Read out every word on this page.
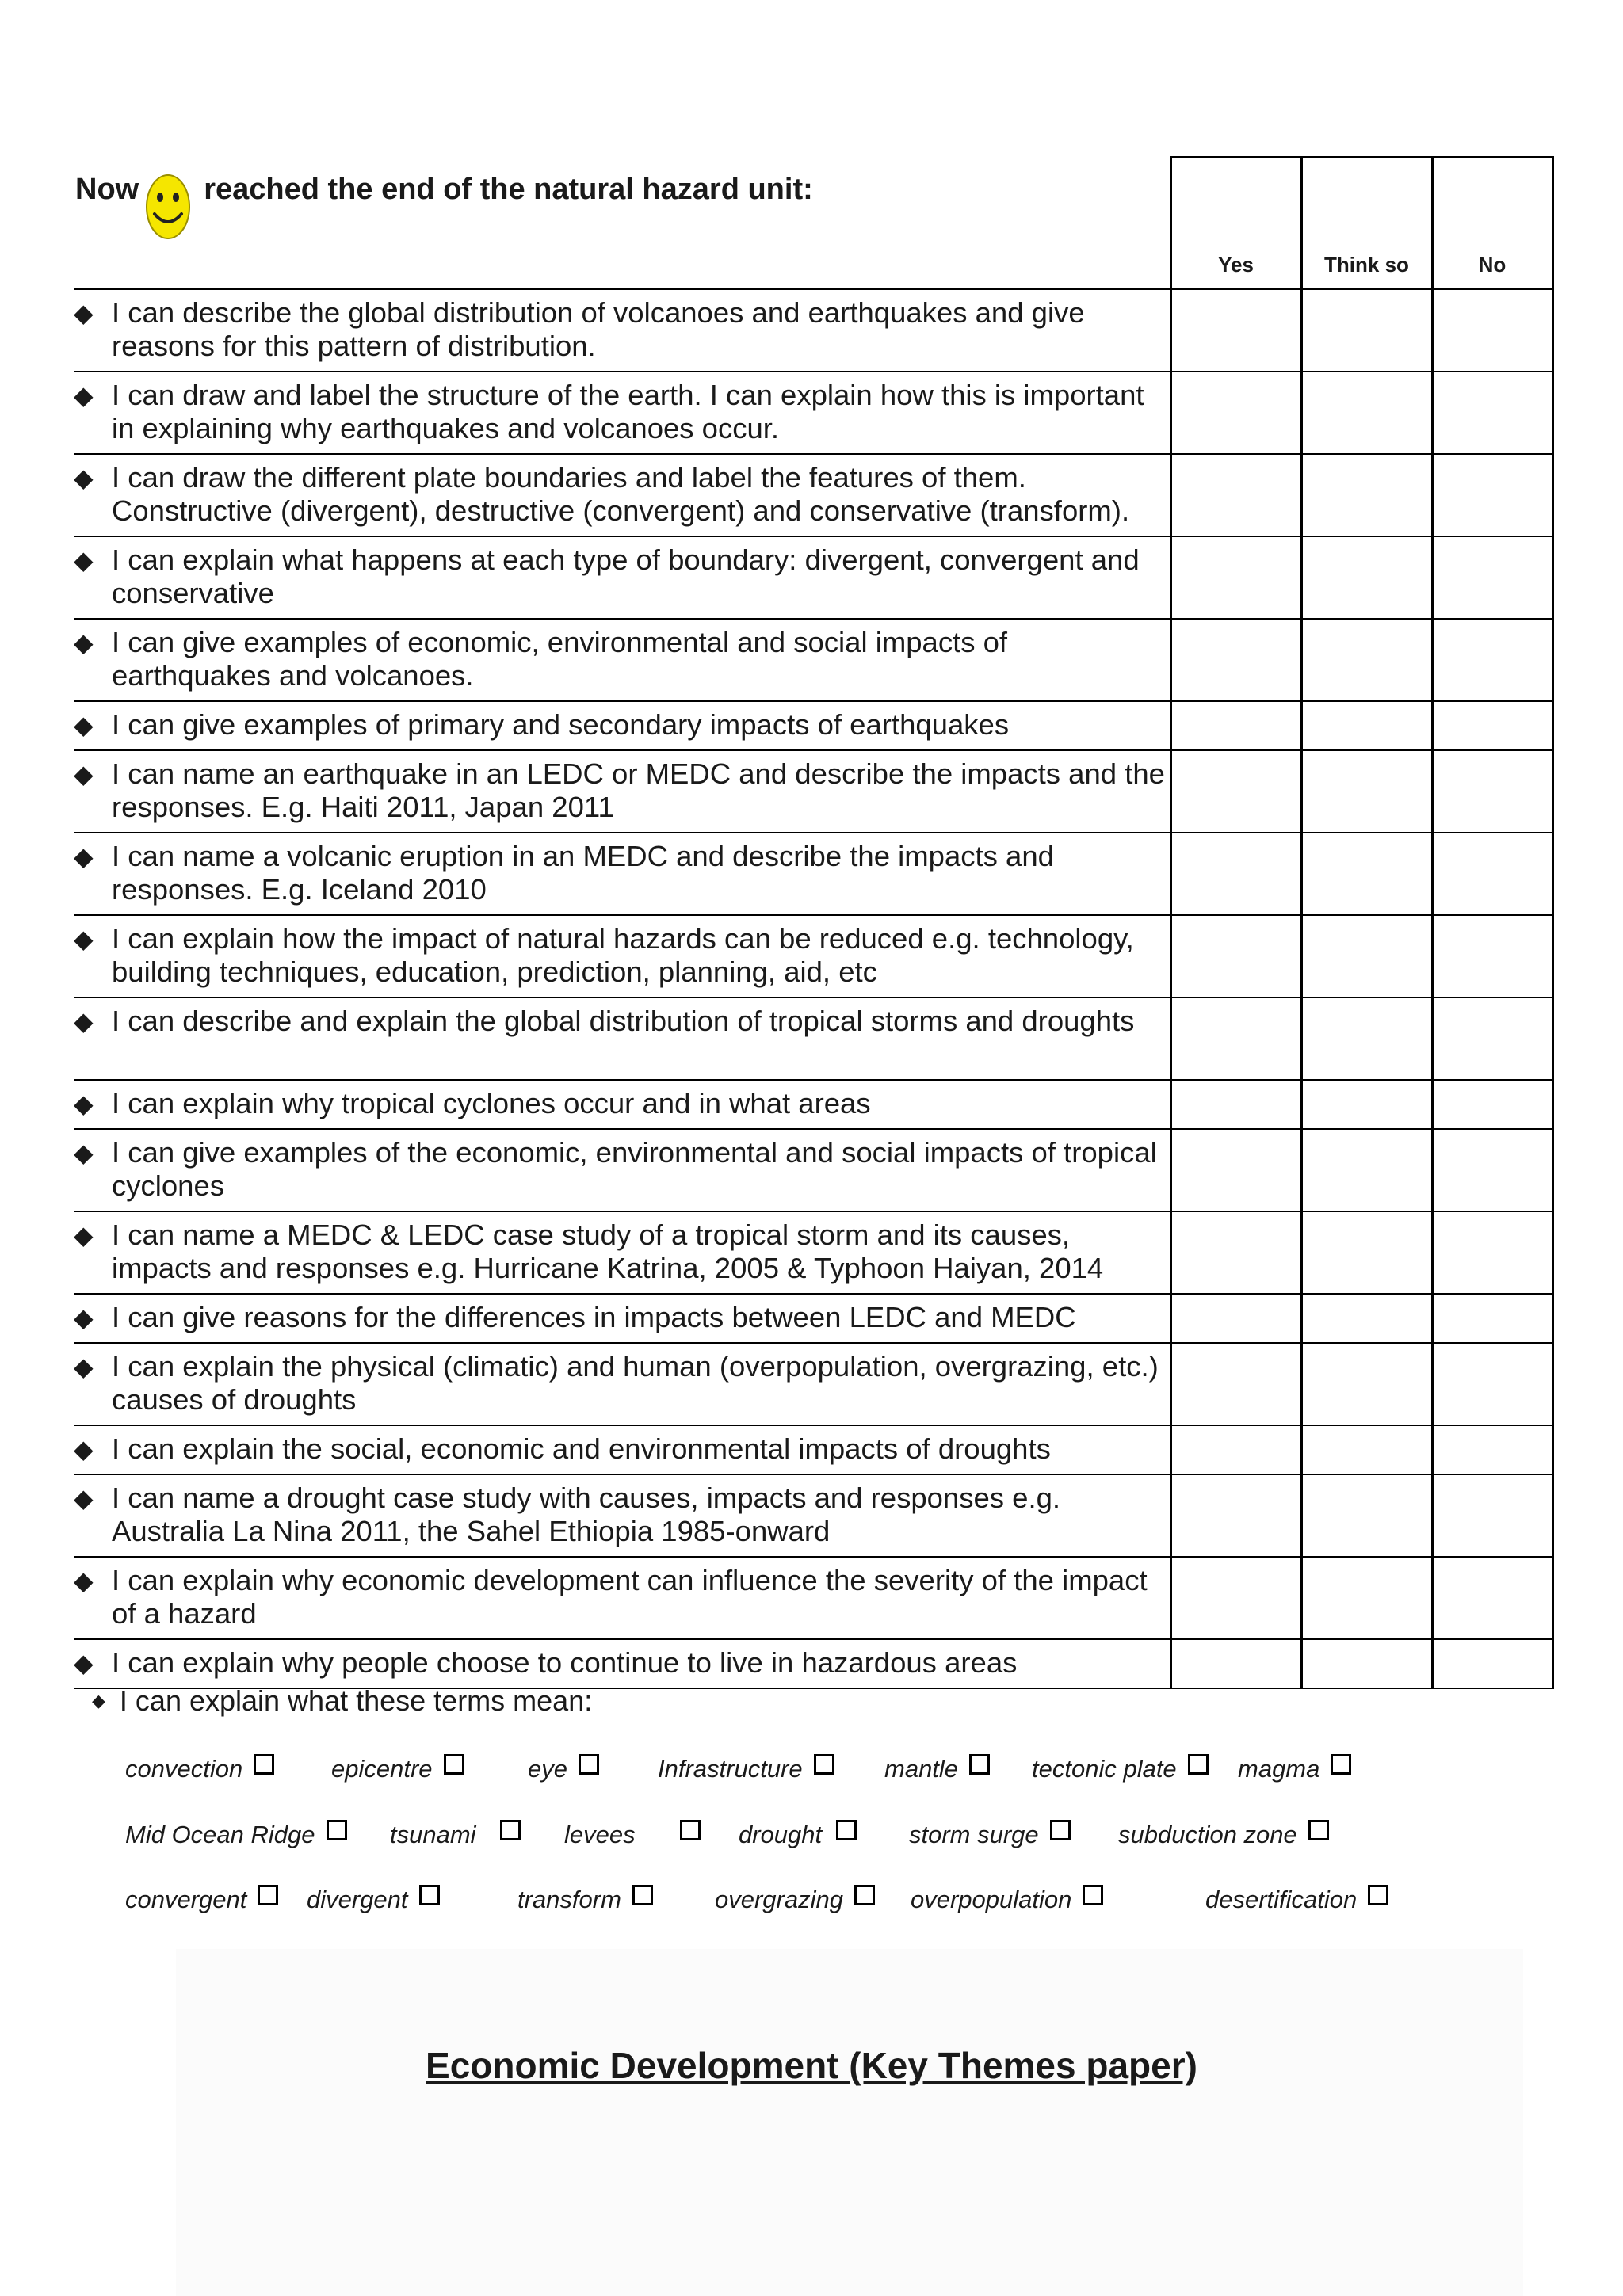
Now reached the end of the natural hazard unit:
	Yes	Think so	No

◆ I can describe the global distribution of volcanoes and earthquakes and give reasons for this pattern of distribution.			

◆ I can draw and label the structure of the earth. I can explain how this is important in explaining why earthquakes and volcanoes occur.			

◆ I can draw the different plate boundaries and label the features of them. Constructive (divergent), destructive (convergent) and conservative (transform).			

◆ I can explain what happens at each type of boundary: divergent, convergent and conservative			

◆ I can give examples of economic, environmental and social impacts of earthquakes and volcanoes.			

◆ I can give examples of primary and secondary impacts of earthquakes			

◆ I can name an earthquake in an LEDC or MEDC and describe the impacts and the responses. E.g. Haiti 2011, Japan 2011			

◆ I can name a volcanic eruption in an MEDC and describe the impacts and responses. E.g. Iceland 2010			

◆ I can explain how the impact of natural hazards can be reduced e.g. technology, building techniques, education, prediction, planning, aid, etc			

◆ I can describe and explain the global distribution of tropical storms and droughts			

◆ I can explain why tropical cyclones occur and in what areas			

◆ I can give examples of the economic, environmental and social impacts of tropical cyclones			

◆ I can name a MEDC & LEDC case study of a tropical storm and its causes, impacts and responses e.g. Hurricane Katrina, 2005 & Typhoon Haiyan, 2014			

◆ I can give reasons for the differences in impacts between LEDC and MEDC			

◆ I can explain the physical (climatic) and human (overpopulation, overgrazing, etc.) causes of droughts			

◆ I can explain the social, economic and environmental impacts of droughts			

◆ I can name a drought case study with causes, impacts and responses e.g. Australia La Nina 2011, the Sahel Ethiopia 1985-onward			

◆ I can explain why economic development can influence the severity of the impact of a hazard			

◆ I can explain why people choose to continue to live in hazardous areas			

◆ I can explain what these terms mean:
convection	epicentre	eye	Infrastructure	mantle	tectonic plate magma
Mid Ocean Ridge	tsunami	levees	drought	storm surge	subduction zone
convergent divergent	transform	overgrazing	overpopulation	desertification
Economic Development (Key Themes paper)
